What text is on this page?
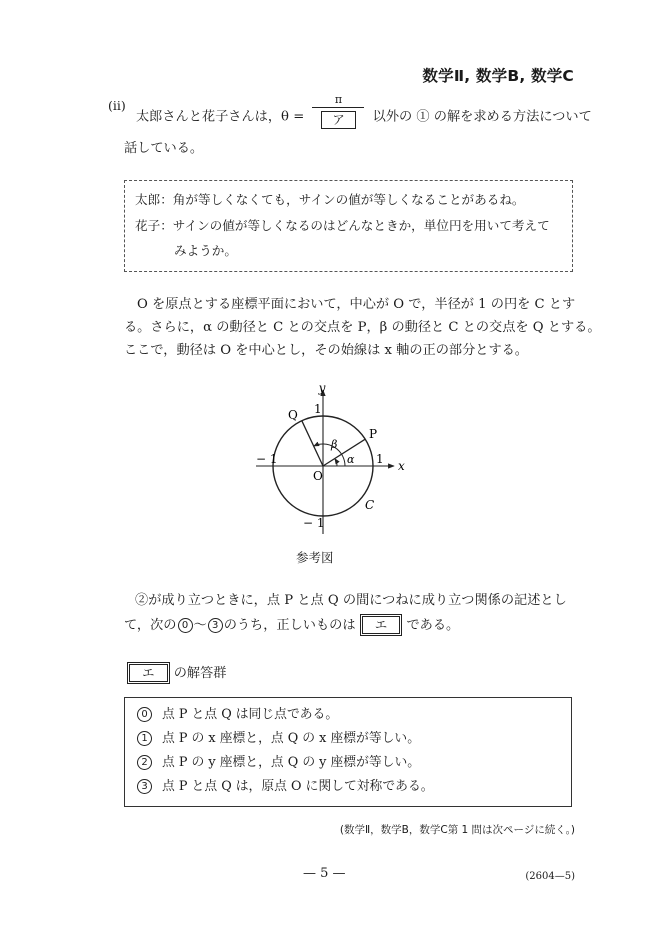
数学Ⅱ, 数学B, 数学C
(ii)
太郎さんと花子さんは，$\theta = \frac{\pi}{\text{ア}}$ 以外の ① の解を求める方法について
話している。
太郎：角が等しくなくても，サインの値が等しくなることがあるね。
花子：サインの値が等しくなるのはどんなときか，単位円を用いて考えて
みようか。
O を原点とする座標平面において，中心が O で，半径が 1 の円を C とす
る。さらに，α の動径と C との交点を P，β の動径と C との交点を Q とする。
ここで，動径は O を中心とし，その始線は x 軸の正の部分とする。
y
x
O
1
− 1
1
− 1
P
Q
C
α
β
参考図
②が成り立つときに，点 P と点 Q の間につねに成り立つ関係の記述とし
て，次の 0 〜 3 のうち，正しいものは エ である。
エ の解答群
0 点 P と点 Q は同じ点である。
1 点 P の x 座標と，点 Q の x 座標が等しい。
2 点 P の y 座標と，点 Q の y 座標が等しい。
3 点 P と点 Q は，原点 O に関して対称である。
(数学Ⅱ，数学B，数学C第 1 問は次ページに続く。)
— 5 —	(2604—5)
